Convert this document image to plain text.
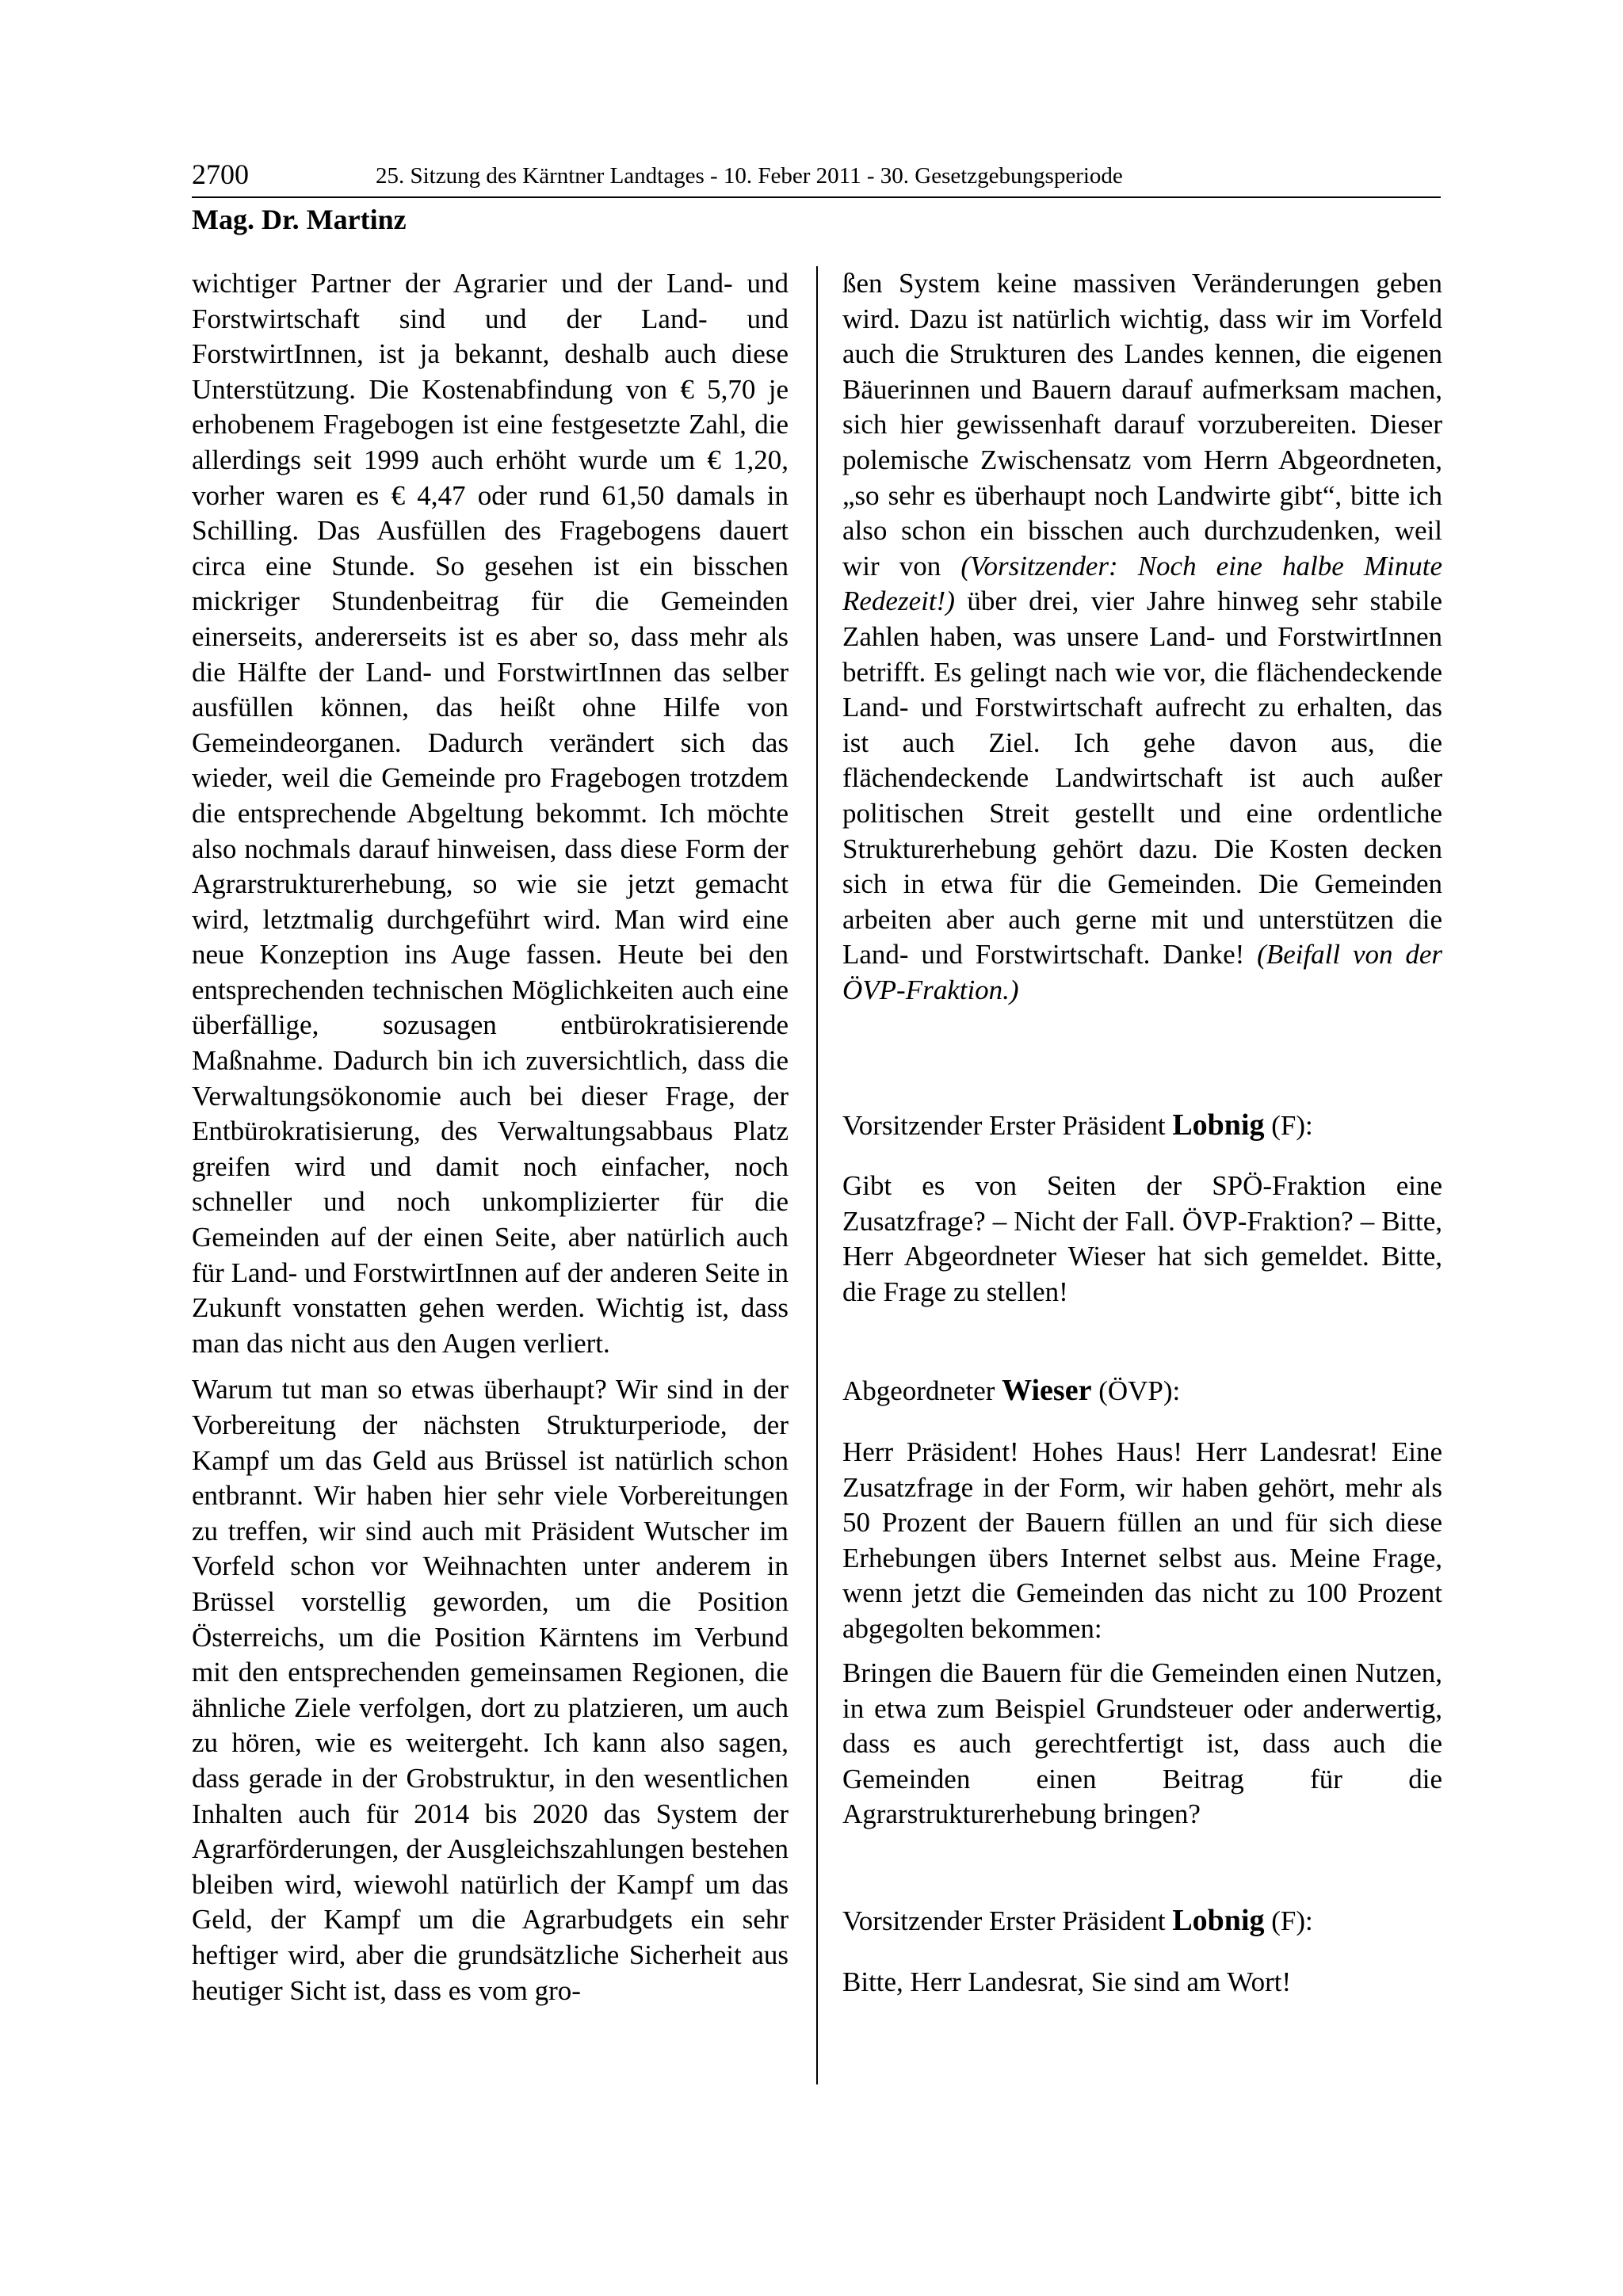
2700	25. Sitzung des Kärntner Landtages - 10. Feber 2011 - 30. Gesetzgebungsperiode
Mag. Dr. Martinz

wichtiger Partner der Agrarier und der Land- und Forstwirtschaft sind und der Land- und ForstwirtInnen, ist ja bekannt, deshalb auch diese Unterstützung. Die Kostenabfindung von € 5,70 je erhobenem Fragebogen ist eine festgesetzte Zahl, die allerdings seit 1999 auch erhöht wurde um € 1,20, vorher waren es € 4,47 oder rund 61,50 damals in Schilling. Das Ausfüllen des Fragebogens dauert circa eine Stunde. So gesehen ist ein bisschen mickriger Stundenbeitrag für die Gemeinden einerseits, andererseits ist es aber so, dass mehr als die Hälfte der Land- und ForstwirtInnen das selber ausfüllen können, das heißt ohne Hilfe von Gemeindeorganen. Dadurch verändert sich das wieder, weil die Gemeinde pro Fragebogen trotzdem die entsprechende Abgeltung bekommt. Ich möchte also nochmals darauf hinweisen, dass diese Form der Agrarstrukturerhebung, so wie sie jetzt gemacht wird, letztmalig durchgeführt wird. Man wird eine neue Konzeption ins Auge fassen. Heute bei den entsprechenden technischen Möglichkeiten auch eine überfällige, sozusagen entbürokratisierende Maßnahme. Dadurch bin ich zuversichtlich, dass die Verwaltungsökonomie auch bei dieser Frage, der Entbürokratisierung, des Verwaltungsabbaus Platz greifen wird und damit noch einfacher, noch schneller und noch unkomplizierter für die Gemeinden auf der einen Seite, aber natürlich auch für Land- und ForstwirtInnen auf der anderen Seite in Zukunft vonstatten gehen werden. Wichtig ist, dass man das nicht aus den Augen verliert.

Warum tut man so etwas überhaupt? Wir sind in der Vorbereitung der nächsten Strukturperiode, der Kampf um das Geld aus Brüssel ist natürlich schon entbrannt. Wir haben hier sehr viele Vorbereitungen zu treffen, wir sind auch mit Präsident Wutscher im Vorfeld schon vor Weihnachten unter anderem in Brüssel vorstellig geworden, um die Position Österreichs, um die Position Kärntens im Verbund mit den entsprechenden gemeinsamen Regionen, die ähnliche Ziele verfolgen, dort zu platzieren, um auch zu hören, wie es weitergeht. Ich kann also sagen, dass gerade in der Grobstruktur, in den wesentlichen Inhalten auch für 2014 bis 2020 das System der Agrarförderungen, der Ausgleichszahlungen bestehen bleiben wird, wiewohl natürlich der Kampf um das Geld, der Kampf um die Agrarbudgets ein sehr heftiger wird, aber die grundsätzliche Sicherheit aus heutiger Sicht ist, dass es vom gro-

ßen System keine massiven Veränderungen geben wird. Dazu ist natürlich wichtig, dass wir im Vorfeld auch die Strukturen des Landes kennen, die eigenen Bäuerinnen und Bauern darauf aufmerksam machen, sich hier gewissenhaft darauf vorzubereiten. Dieser polemische Zwischensatz vom Herrn Abgeordneten, „so sehr es überhaupt noch Landwirte gibt“, bitte ich also schon ein bisschen auch durchzudenken, weil wir von (Vorsitzender: Noch eine halbe Minute Redezeit!) über drei, vier Jahre hinweg sehr stabile Zahlen haben, was unsere Land- und ForstwirtInnen betrifft. Es gelingt nach wie vor, die flächendeckende Land- und Forstwirtschaft aufrecht zu erhalten, das ist auch Ziel. Ich gehe davon aus, die flächendeckende Landwirtschaft ist auch außer politischen Streit gestellt und eine ordentliche Strukturerhebung gehört dazu. Die Kosten decken sich in etwa für die Gemeinden. Die Gemeinden arbeiten aber auch gerne mit und unterstützen die Land- und Forstwirtschaft. Danke! (Beifall von der ÖVP-Fraktion.)

Vorsitzender Erster Präsident Lobnig (F):

Gibt es von Seiten der SPÖ-Fraktion eine Zusatzfrage? – Nicht der Fall. ÖVP-Fraktion? – Bitte, Herr Abgeordneter Wieser hat sich gemeldet. Bitte, die Frage zu stellen!

Abgeordneter Wieser (ÖVP):

Herr Präsident! Hohes Haus! Herr Landesrat! Eine Zusatzfrage in der Form, wir haben gehört, mehr als 50 Prozent der Bauern füllen an und für sich diese Erhebungen übers Internet selbst aus. Meine Frage, wenn jetzt die Gemeinden das nicht zu 100 Prozent abgegolten bekommen:

Bringen die Bauern für die Gemeinden einen Nutzen, in etwa zum Beispiel Grundsteuer oder anderwertig, dass es auch gerechtfertigt ist, dass auch die Gemeinden einen Beitrag für die Agrarstrukturerhebung bringen?

Vorsitzender Erster Präsident Lobnig (F):

Bitte, Herr Landesrat, Sie sind am Wort!
